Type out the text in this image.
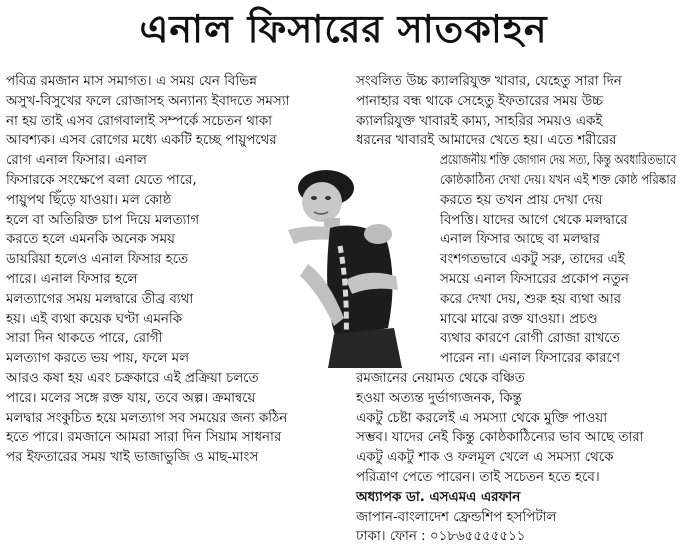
এনাল ফিসারের সাতকাহন
পবিত্র রমজান মাস সমাগত। এ সময় যেন বিভিন্ন
অসুখ-বিসুখের ফলে রোজাসহ অন্যান্য ইবাদতে সমস্যা
না হয় তাই এসব রোগবালাই সম্পর্কে সচেতন থাকা
আবশ্যক। এসব রোগের মধ্যে একটি হচ্ছে পায়ুপথের
রোগ এনাল ফিসার। এনাল
ফিসারকে সংক্ষেপে বলা যেতে পারে,
পায়ুপথ ছিঁড়ে যাওয়া। মল কোষ্ঠ
হলে বা অতিরিক্ত চাপ দিয়ে মলত্যাগ
করতে হলে এমনকি অনেক সময়
ডায়রিয়া হলেও এনাল ফিসার হতে
পারে। এনাল ফিসার হলে
মলত্যাগের সময় মলদ্বারে তীব্র ব্যথা
হয়। এই ব্যথা কয়েক ঘণ্টা এমনকি
সারা দিন থাকতে পারে, রোগী
মলত্যাগ করতে ভয় পায়, ফলে মল
আরও কষা হয় এবং চক্রকারে এই প্রক্রিয়া চলতে
পারে। মলের সঙ্গে রক্ত যায়, তবে অল্প। ক্রমান্বয়ে
মলদ্বার সংকুচিত হয়ে মলত্যাগ সব সময়ের জন্য কঠিন
হতে পারে। রমজানে আমরা সারা দিন সিয়াম সাধনার
পর ইফতারের সময় খাই ভাজাভুজি ও মাছ-মাংস
সংবলিত উচ্চ ক্যালরিযুক্ত খাবার, যেহেতু সারা দিন
পানাহার বন্ধ থাকে সেহেতু ইফতারের সময় উচ্চ
ক্যালরিযুক্ত খাবারই কাম্য, সাহরির সময়ও একই
ধরনের খাবারই আমাদের খেতে হয়। এতে শরীরের
প্রয়োজনীয় শক্তি জোগান দেয় সত্য, কিন্তু অবধারিতভাবে
কোষ্ঠকাঠিন্য দেখা দেয়। যখন এই শক্ত কোষ্ঠ পরিষ্কার
করতে হয় তখন প্রায় দেখা দেয়
বিপত্তি। যাদের আগে থেকে মলদ্বারে
এনাল ফিসার আছে বা মলদ্বার
বংশগতভাবে একটু সরু, তাদের এই
সময়ে এনাল ফিসারের প্রকোপ নতুন
করে দেখা দেয়, শুরু হয় ব্যথা আর
মাঝে মাঝে রক্ত যাওয়া। প্রচণ্ড
ব্যথার কারণে রোগী রোজা রাখতে
পারেন না। এনাল ফিসারের কারণে
রমজানের নেয়ামত থেকে বঞ্চিত
হওয়া অত্যন্ত দুর্ভাগ্যজনক, কিন্তু
একটু চেষ্টা করলেই এ সমস্যা থেকে মুক্তি পাওয়া
সম্ভব। যাদের নেই কিন্তু কোষ্ঠকাঠিন্যের ভাব আছে তারা
একটু একটু শাক ও ফলমূল খেলে এ সমস্যা থেকে
পরিত্রাণ পেতে পারেন। তাই সচেতন হতে হবে।
অধ্যাপক ডা. এসএমএ এরফান
জাপান-বাংলাদেশ ফ্রেন্ডশিপ হসপিটাল
ঢাকা। ফোন : ০১৮৬৫৫৫৫৫১১
